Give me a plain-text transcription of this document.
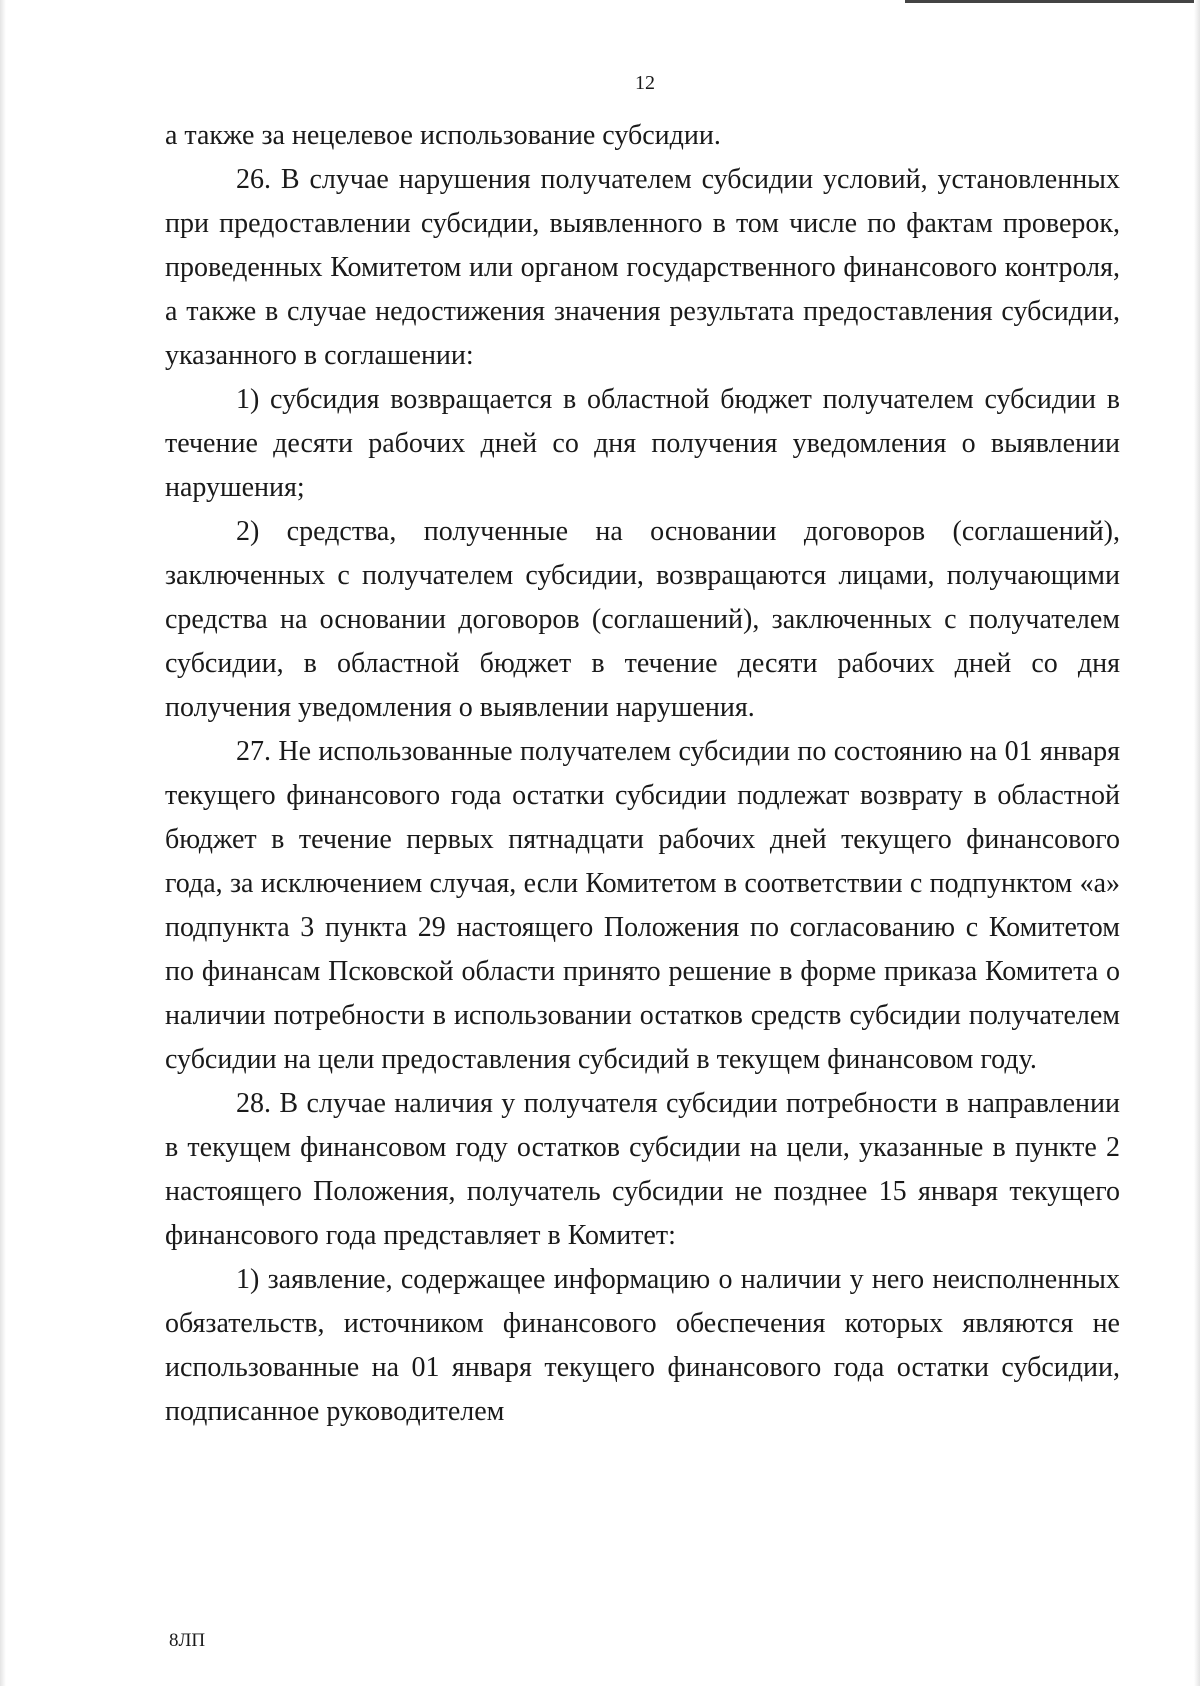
12

а также за нецелевое использование субсидии.

26. В случае нарушения получателем субсидии условий, установленных при предоставлении субсидии, выявленного в том числе по фактам проверок, проведенных Комитетом или органом государственного финансового контроля, а также в случае недостижения значения результата предоставления субсидии, указанного в соглашении:

1) субсидия возвращается в областной бюджет получателем субсидии в течение десяти рабочих дней со дня получения уведомления о выявлении нарушения;

2) средства, полученные на основании договоров (соглашений), заключенных с получателем субсидии, возвращаются лицами, получающими средства на основании договоров (соглашений), заключенных с получателем субсидии, в областной бюджет в течение десяти рабочих дней со дня получения уведомления о выявлении нарушения.

27. Не использованные получателем субсидии по состоянию на 01 января текущего финансового года остатки субсидии подлежат возврату в областной бюджет в течение первых пятнадцати рабочих дней текущего финансового года, за исключением случая, если Комитетом в соответствии с подпунктом «а» подпункта 3 пункта 29 настоящего Положения по согласованию с Комитетом по финансам Псковской области принято решение в форме приказа Комитета о наличии потребности в использовании остатков средств субсидии получателем субсидии на цели предоставления субсидий в текущем финансовом году.

28. В случае наличия у получателя субсидии потребности в направлении в текущем финансовом году остатков субсидии на цели, указанные в пункте 2 настоящего Положения, получатель субсидии не позднее 15 января текущего финансового года представляет в Комитет:

1) заявление, содержащее информацию о наличии у него неисполненных обязательств, источником финансового обеспечения которых являются не использованные на 01 января текущего финансового года остатки субсидии, подписанное руководителем

8ЛП
